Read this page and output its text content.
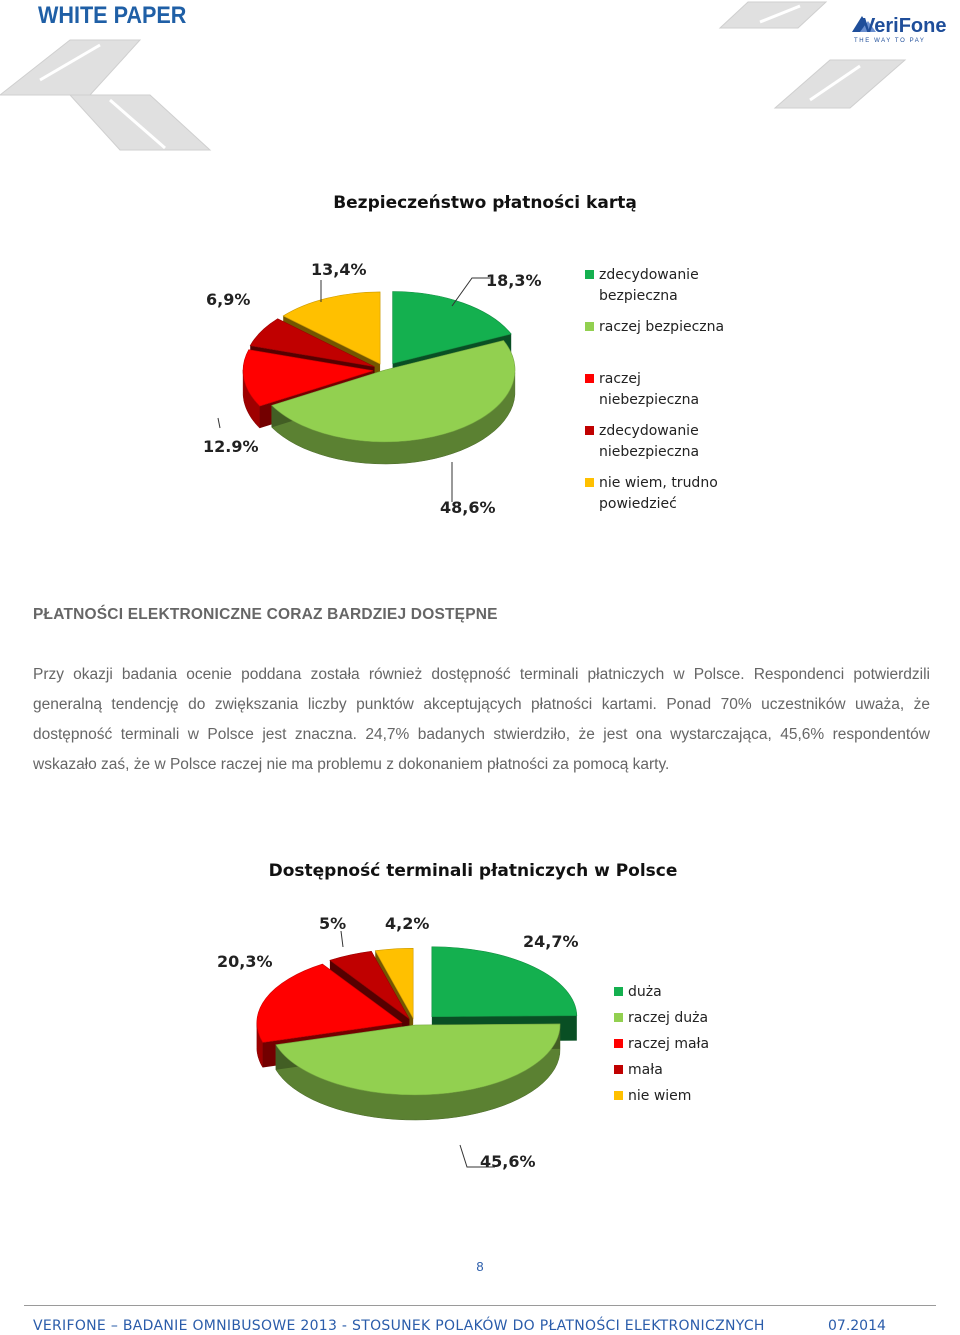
WHITE PAPER	VeriFone
THE WAY TO PAY
Bezpieczeństwo płatności kartą
18,3%
48,6%
12.9%
6,9%
13,4%	zdecydowanie bezpieczna
raczej bezpieczna
raczej niebezpieczna
zdecydowanie niebezpieczna
nie wiem, trudno powiedzieć
PŁATNOŚCI ELEKTRONICZNE CORAZ BARDZIEJ DOSTĘPNE
Przy okazji badania ocenie poddana została również dostępność terminali płatniczych w Polsce. Respondenci potwierdzili generalną tendencję do zwiększania liczby punktów akceptujących płatności kartami. Ponad 70% uczestników uważa, że dostępność terminali w Polsce jest znaczna. 24,7% badanych stwierdziło, że jest ona wystarczająca, 45,6% respondentów wskazało zaś, że w Polsce raczej nie ma problemu z dokonaniem płatności za pomocą karty.
Dostępność terminali płatniczych w Polsce
24,7%
45,6%
20,3%
5% 4,2%
duża
raczej duża
raczej mała
mała
nie wiem
8
VERIFONE – BADANIE OMNIBUSOWE 2013 - STOSUNEK POLAKÓW DO PŁATNOŚCI ELEKTRONICZNYCH	07.2014
